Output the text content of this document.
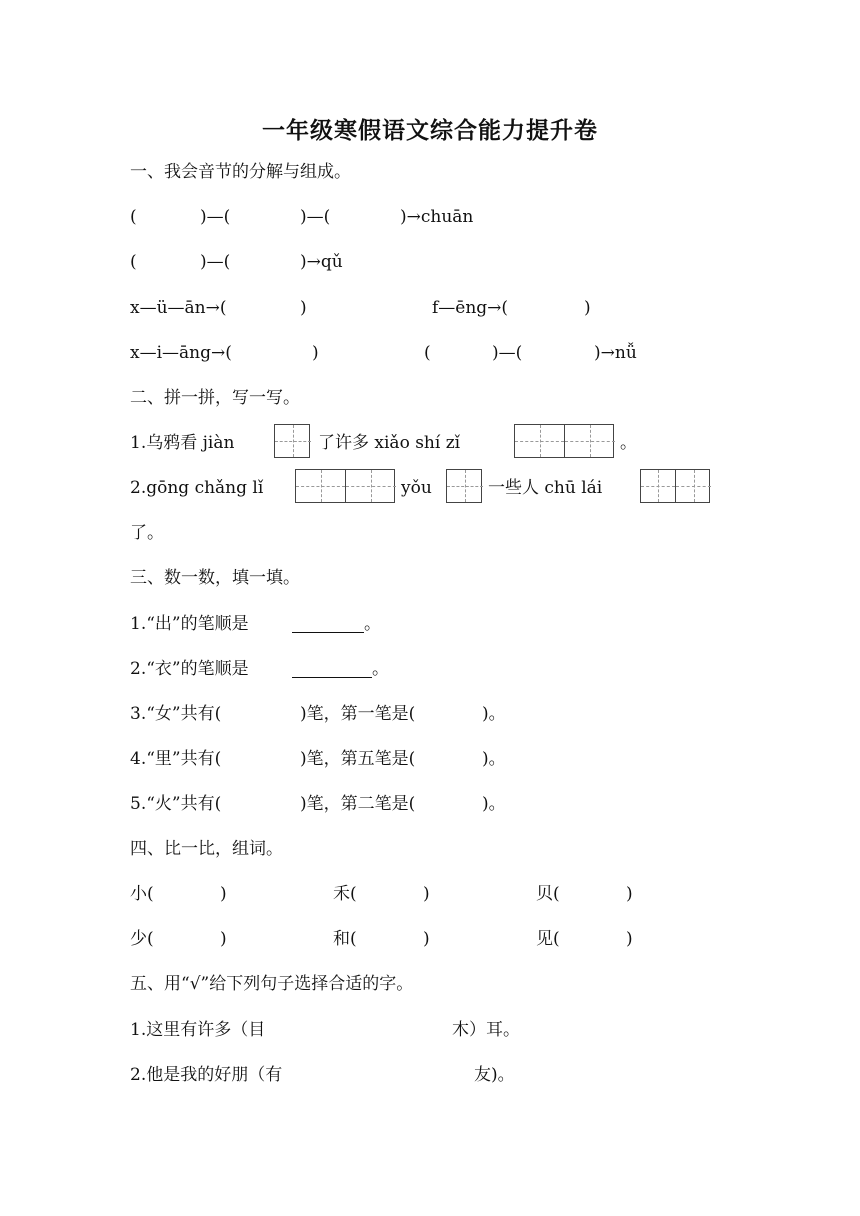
一年级寒假语文综合能力提升卷
一、我会音节的分解与组成。
(	)—(	)—(	)→chuān
(	)—(	)→qǔ
x—ü—ān→(	)	f—ēng→(	)
x—i—āng→(	)	(	)—(	)→nǚ
二、拼一拼，写一写。
1.乌鸦看 jiàn	了许多 xiǎo shí zǐ	。
2.gōng chǎng lǐ	yǒu	一些人 chū lái
了。
三、数一数，填一填。
1.“出”的笔顺是	。
2.“衣”的笔顺是	。
3.“女”共有(	)笔，第一笔是(	)。
4.“里”共有(	)笔，第五笔是(	)。
5.“火”共有(	)笔，第二笔是(	)。
四、比一比，组词。
小(	)	禾(	)	贝(	)
少(	)	和(	)	见(	)
五、用“√”给下列句子选择合适的字。
1.这里有许多（目	木）耳。
2.他是我的好朋（有	友)。
